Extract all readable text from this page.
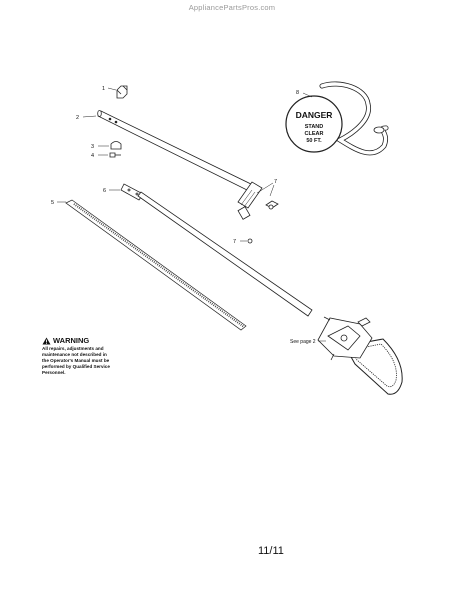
AppliancePartsPros.com
1
2
7
3
4
6
5
7
8
DANGER
STAND
CLEAR
50 FT.
See page 2
WARNING
All repairs, adjustments and
maintenance not described in
the Operator's Manual must be
performed by Qualified Service
Personnel.
11/11
